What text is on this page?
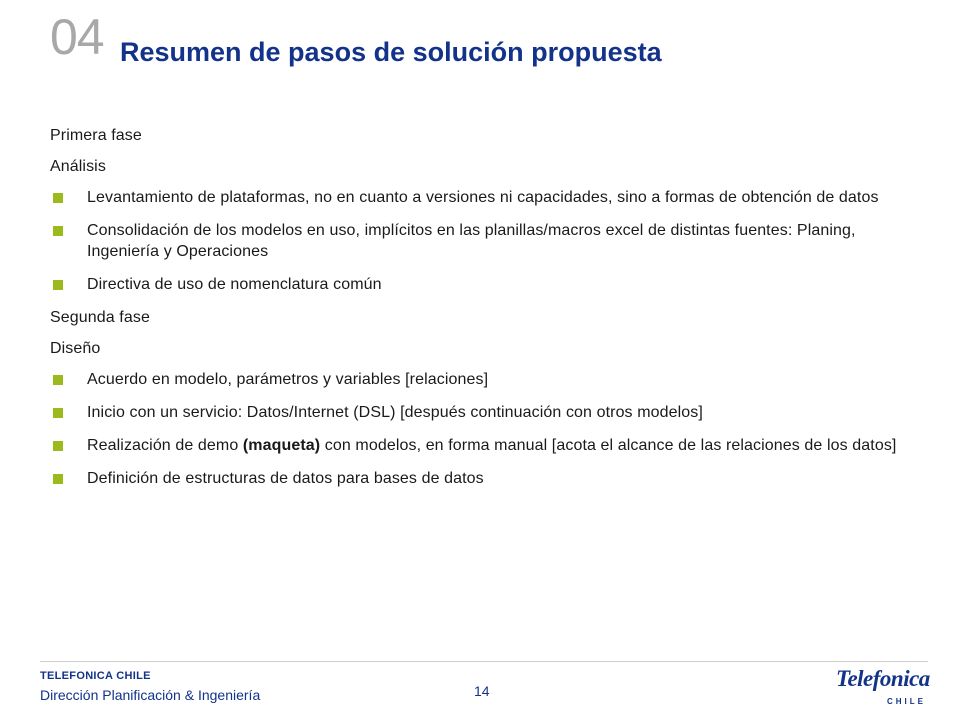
04 Resumen de pasos de solución propuesta
Primera fase
Análisis
Levantamiento de plataformas, no en cuanto a versiones ni capacidades, sino a formas de obtención de datos
Consolidación de los modelos en uso, implícitos en las planillas/macros excel de distintas fuentes: Planing, Ingeniería y Operaciones
Directiva de uso de nomenclatura común
Segunda fase
Diseño
Acuerdo en modelo, parámetros y variables [relaciones]
Inicio con un servicio: Datos/Internet (DSL) [después continuación con otros modelos]
Realización de demo (maqueta) con modelos, en forma manual [acota el alcance de las relaciones de los datos]
Definición de estructuras de datos para bases de datos
TELEFONICA CHILE
Dirección Planificación & Ingeniería	14	Telefonica
CHILE
